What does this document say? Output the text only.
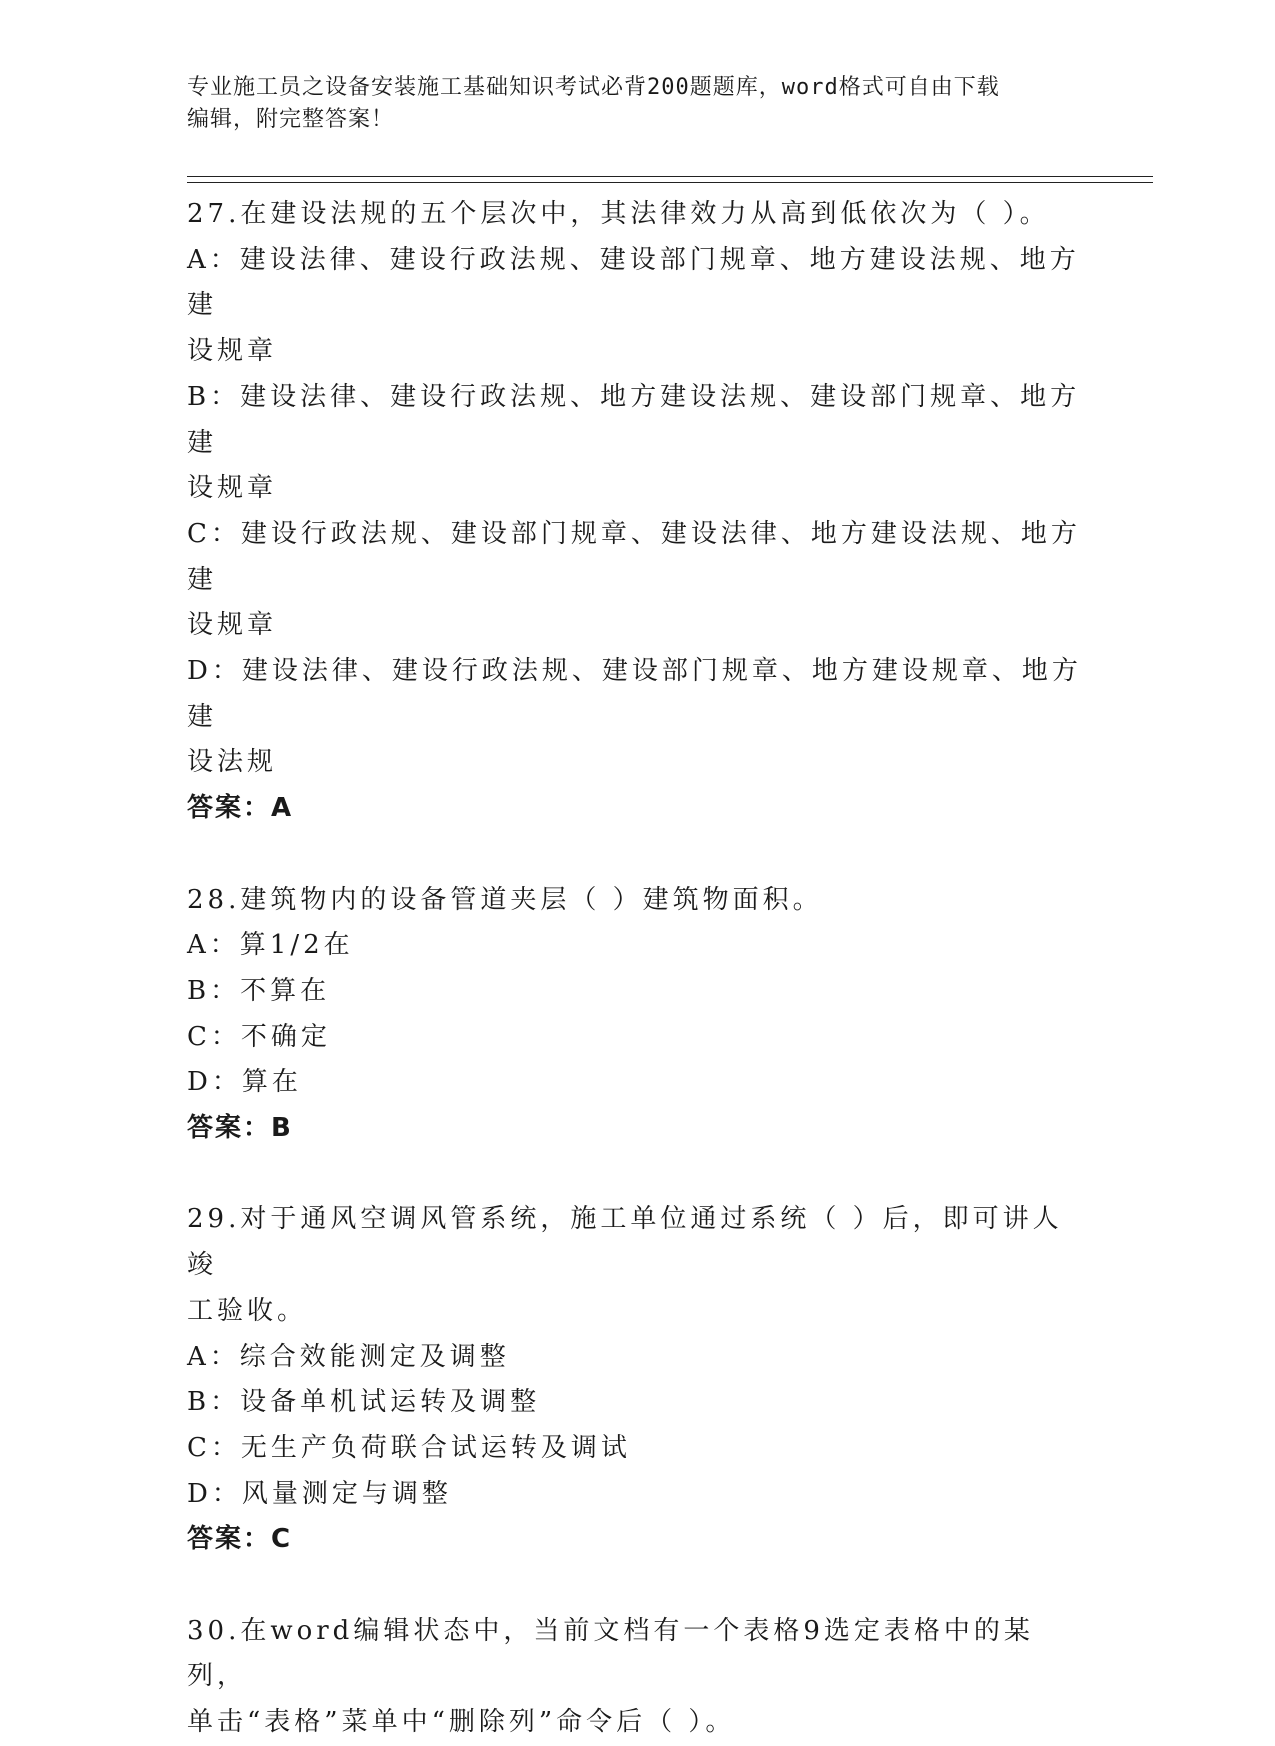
专业施工员之设备安装施工基础知识考试必背200题题库，word格式可自由下载

编辑，附完整答案！

27.在建设法规的五个层次中，其法律效力从高到低依次为（ ）。

A：建设法律、建设行政法规、建设部门规章、地方建设法规、地方建

设规章

B：建设法律、建设行政法规、地方建设法规、建设部门规章、地方建

设规章

C：建设行政法规、建设部门规章、建设法律、地方建设法规、地方建

设规章

D：建设法律、建设行政法规、建设部门规章、地方建设规章、地方建

设法规

答案：A

28.建筑物内的设备管道夹层（ ）建筑物面积。

A：算1/2在

B：不算在

C：不确定

D：算在

答案：B

29.对于通风空调风管系统，施工单位通过系统（ ）后，即可讲人竣

工验收。

A：综合效能测定及调整

B：设备单机试运转及调整

C：无生产负荷联合试运转及调试

D：风量测定与调整

答案：C

30.在word编辑状态中，当前文档有一个表格9选定表格中的某列，

单击“表格”菜单中“删除列”命令后（ ）。
